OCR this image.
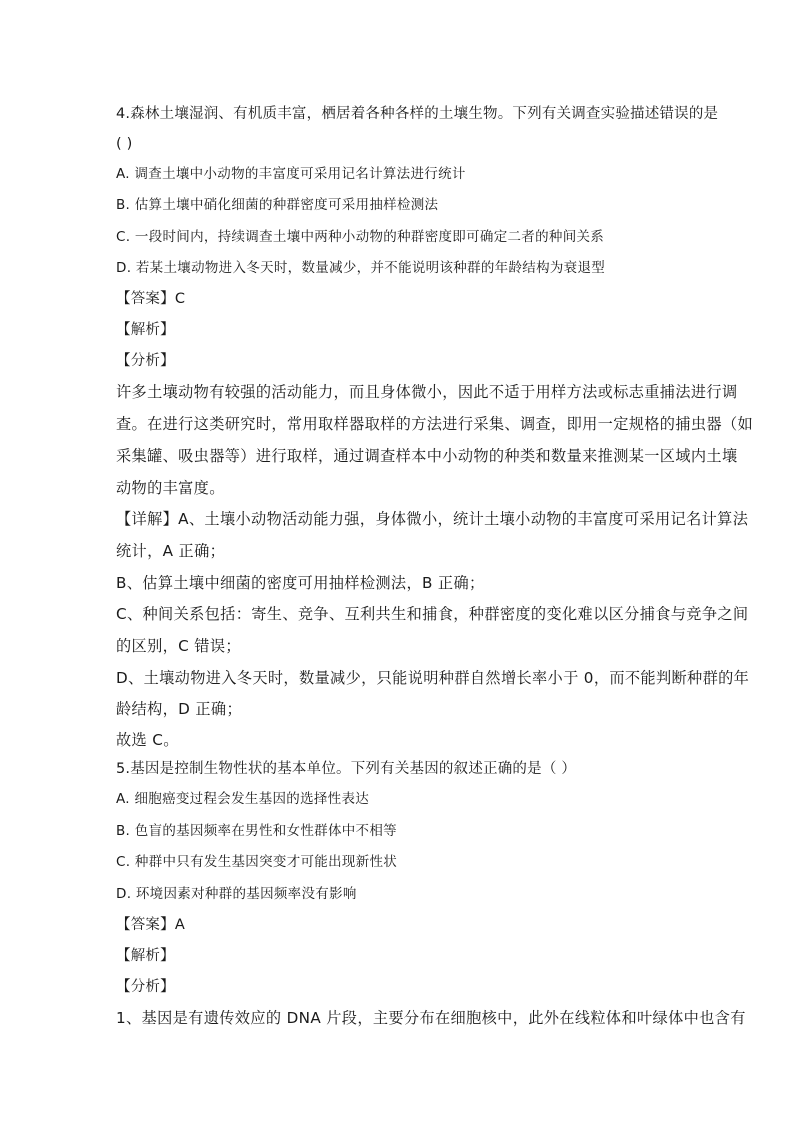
4.森林土壤湿润、有机质丰富，栖居着各种各样的土壤生物。下列有关调查实验描述错误的是
( )
A. 调查土壤中小动物的丰富度可采用记名计算法进行统计
B. 估算土壤中硝化细菌的种群密度可采用抽样检测法
C. 一段时间内，持续调查土壤中两种小动物的种群密度即可确定二者的种间关系
D. 若某土壤动物进入冬天时，数量减少，并不能说明该种群的年龄结构为衰退型
【答案】C
【解析】
【分析】
许多土壤动物有较强的活动能力，而且身体微小，因此不适于用样方法或标志重捕法进行调
查。在进行这类研究时，常用取样器取样的方法进行采集、调查，即用一定规格的捕虫器（如
采集罐、吸虫器等）进行取样，通过调查样本中小动物的种类和数量来推测某一区域内土壤
动物的丰富度。
【详解】A、土壤小动物活动能力强，身体微小，统计土壤小动物的丰富度可采用记名计算法
统计，A 正确；
B、估算土壤中细菌的密度可用抽样检测法，B 正确；
C、种间关系包括：寄生、竞争、互利共生和捕食，种群密度的变化难以区分捕食与竞争之间
的区别，C 错误；
D、土壤动物进入冬天时，数量减少，只能说明种群自然增长率小于 0，而不能判断种群的年
龄结构，D 正确；
故选 C。
5.基因是控制生物性状的基本单位。下列有关基因的叙述正确的是（ ）
A. 细胞癌变过程会发生基因的选择性表达
B. 色盲的基因频率在男性和女性群体中不相等
C. 种群中只有发生基因突变才可能出现新性状
D. 环境因素对种群的基因频率没有影响
【答案】A
【解析】
【分析】
1、基因是有遗传效应的 DNA 片段，主要分布在细胞核中，此外在线粒体和叶绿体中也含有
